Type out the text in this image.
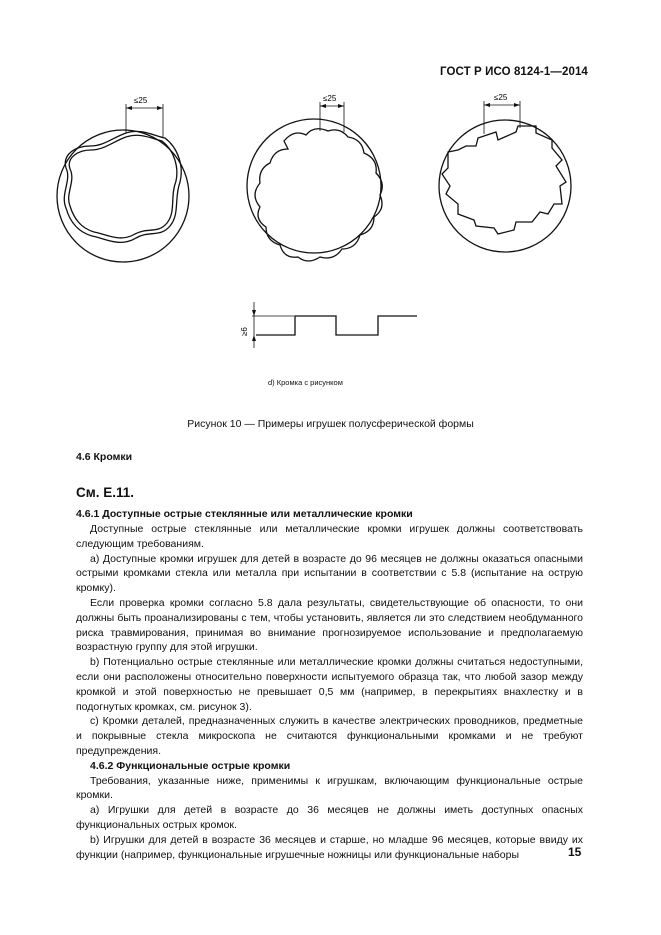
ГОСТ Р ИСО 8124-1—2014
≤25	≤25	≤25
≥6
d) Кромка с рисунком
Рисунок 10 — Примеры игрушек полусферической формы
4.6 Кромки
См. Е.11.
4.6.1 Доступные острые стеклянные или металлические кромки

Доступные острые стеклянные или металлические кромки игрушек должны соответствовать следующим требованиям.

a) Доступные кромки игрушек для детей в возрасте до 96 месяцев не должны оказаться опасными острыми кромками стекла или металла при испытании в соответствии с 5.8 (испытание на острую кромку).

Если проверка кромки согласно 5.8 дала результаты, свидетельствующие об опасности, то они должны быть проанализированы с тем, чтобы установить, является ли это следствием необдуманного риска травмирования, принимая во внимание прогнозируемое использование и предполагаемую возрастную группу для этой игрушки.

b) Потенциально острые стеклянные или металлические кромки должны считаться недоступными, если они расположены относительно поверхности испытуемого образца так, что любой зазор между кромкой и этой поверхностью не превышает 0,5 мм (например, в перекрытиях внахлестку и в подогнутых кромках, см. рисунок 3).

c) Кромки деталей, предназначенных служить в качестве электрических проводников, предметные и покрывные стекла микроскопа не считаются функциональными кромками и не требуют предупреждения.

4.6.2 Функциональные острые кромки

Требования, указанные ниже, применимы к игрушкам, включающим функциональные острые кромки.

a) Игрушки для детей в возрасте до 36 месяцев не должны иметь доступных опасных функциональных острых кромок.

b) Игрушки для детей в возрасте 36 месяцев и старше, но младше 96 месяцев, которые ввиду их функции (например, функциональные игрушечные ножницы или функциональные наборы	15
